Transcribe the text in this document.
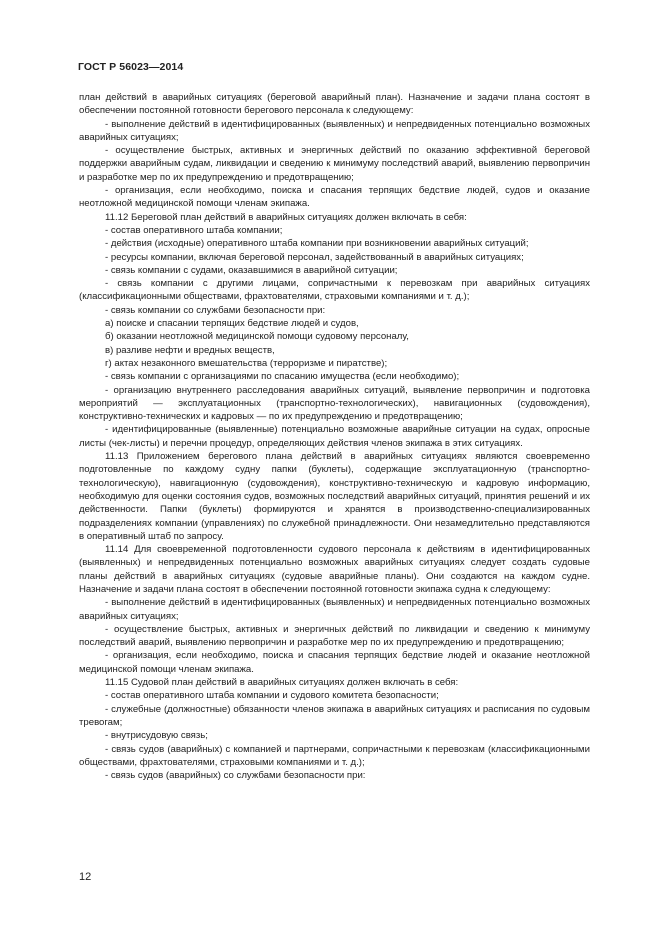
ГОСТ Р 56023—2014

план действий в аварийных ситуациях (береговой аварийный план). Назначение и задачи плана состоят в обеспечении постоянной готовности берегового персонала к следующему:

- выполнение действий в идентифицированных (выявленных) и непредвиденных потенциально возможных аварийных ситуациях;

- осуществление быстрых, активных и энергичных действий по оказанию эффективной береговой поддержки аварийным судам, ликвидации и сведению к минимуму последствий аварий, выявлению первопричин и разработке мер по их предупреждению и предотвращению;

- организация, если необходимо, поиска и спасания терпящих бедствие людей, судов и оказание неотложной медицинской помощи членам экипажа.

11.12 Береговой план действий в аварийных ситуациях должен включать в себя:

- состав оперативного штаба компании;

- действия (исходные) оперативного штаба компании при возникновении аварийных ситуаций;

- ресурсы компании, включая береговой персонал, задействованный в аварийных ситуациях;

- связь компании с судами, оказавшимися в аварийной ситуации;

- связь компании с другими лицами, сопричастными к перевозкам при аварийных ситуациях (классификационными обществами, фрахтователями, страховыми компаниями и т. д.);

- связь компании со службами безопасности при:

а) поиске и спасании терпящих бедствие людей и судов,

б) оказании неотложной медицинской помощи судовому персоналу,

в) разливе нефти и вредных веществ,

г) актах незаконного вмешательства (терроризме и пиратстве);

- связь компании с организациями по спасанию имущества (если необходимо);

- организацию внутреннего расследования аварийных ситуаций, выявление первопричин и подготовка мероприятий — эксплуатационных (транспортно-технологических), навигационных (судовождения), конструктивно-технических и кадровых — по их предупреждению и предотвращению;

- идентифицированные (выявленные) потенциально возможные аварийные ситуации на судах, опросные листы (чек-листы) и перечни процедур, определяющих действия членов экипажа в этих ситуациях.

11.13 Приложением берегового плана действий в аварийных ситуациях являются своевременно подготовленные по каждому судну папки (буклеты), содержащие эксплуатационную (транспортно-технологическую), навигационную (судовождения), конструктивно-техническую и кадровую информацию, необходимую для оценки состояния судов, возможных последствий аварийных ситуаций, принятия решений и их действенности. Папки (буклеты) формируются и хранятся в производственно-специализированных подразделениях компании (управлениях) по служебной принадлежности. Они незамедлительно представляются в оперативный штаб по запросу.

11.14 Для своевременной подготовленности судового персонала к действиям в идентифицированных (выявленных) и непредвиденных потенциально возможных аварийных ситуациях следует создать судовые планы действий в аварийных ситуациях (судовые аварийные планы). Они создаются на каждом судне. Назначение и задачи плана состоят в обеспечении постоянной готовности экипажа судна к следующему:

- выполнение действий в идентифицированных (выявленных) и непредвиденных потенциально возможных аварийных ситуациях;

- осуществление быстрых, активных и энергичных действий по ликвидации и сведению к минимуму последствий аварий, выявлению первопричин и разработке мер по их предупреждению и предотвращению;

- организация, если необходимо, поиска и спасания терпящих бедствие людей и оказание неотложной медицинской помощи членам экипажа.

11.15 Судовой план действий в аварийных ситуациях должен включать в себя:

- состав оперативного штаба компании и судового комитета безопасности;

- служебные (должностные) обязанности членов экипажа в аварийных ситуациях и расписания по судовым тревогам;

- внутрисудовую связь;

- связь судов (аварийных) с компанией и партнерами, сопричастными к перевозкам (классификационными обществами, фрахтователями, страховыми компаниями и т. д.);

- связь судов (аварийных) со службами безопасности при:

12
